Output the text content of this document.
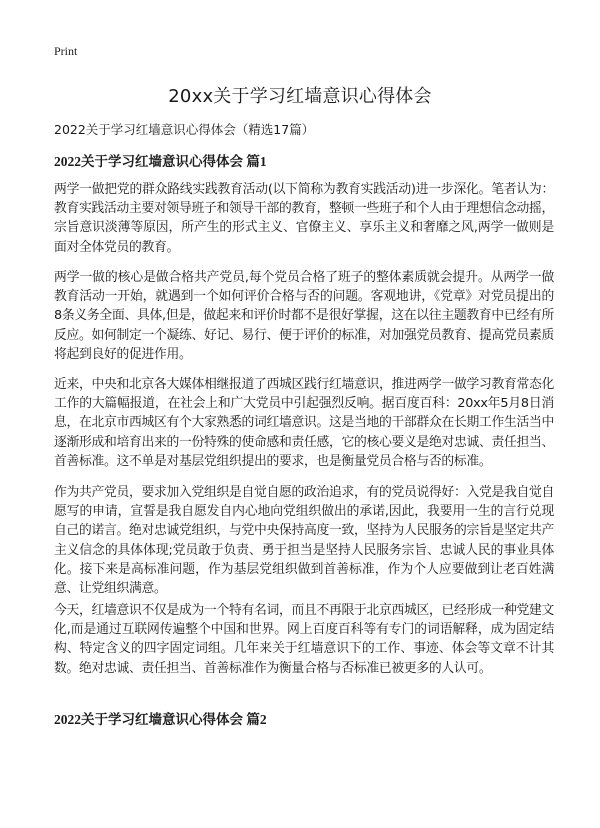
Print
20xx关于学习红墙意识心得体会

2022关于学习红墙意识心得体会（精选17篇）

2022关于学习红墙意识心得体会 篇1

两学一做把党的群众路线实践教育活动(以下简称为教育实践活动)进一步深化。笔者认为：教育实践活动主要对领导班子和领导干部的教育，整顿一些班子和个人由于理想信念动摇，宗旨意识淡薄等原因，所产生的形式主义、官僚主义、享乐主义和奢靡之风,两学一做则是面对全体党员的教育。

两学一做的核心是做合格共产党员,每个党员合格了班子的整体素质就会提升。从两学一做教育活动一开始，就遇到一个如何评价合格与否的问题。客观地讲，《党章》对党员提出的8条义务全面、具体,但是，做起来和评价时都不是很好掌握，这在以往主题教育中已经有所反应。如何制定一个凝练、好记、易行、便于评价的标准，对加强党员教育、提高党员素质将起到良好的促进作用。

近来，中央和北京各大媒体相继报道了西城区践行红墙意识，推进两学一做学习教育常态化工作的大篇幅报道，在社会上和广大党员中引起强烈反响。据百度百科：20xx年5月8日消息，在北京市西城区有个大家熟悉的词红墙意识。这是当地的干部群众在长期工作生活当中逐渐形成和培育出来的一份特殊的使命感和责任感，它的核心要义是绝对忠诚、责任担当、首善标准。这不单是对基层党组织提出的要求，也是衡量党员合格与否的标准。

作为共产党员，要求加入党组织是自觉自愿的政治追求，有的党员说得好：入党是我自觉自愿写的申请，宣誓是我自愿发自内心地向党组织做出的承诺,因此，我要用一生的言行兑现自己的诺言。绝对忠诚党组织，与党中央保持高度一致，坚持为人民服务的宗旨是坚定共产主义信念的具体体现;党员敢于负责、勇于担当是坚持人民服务宗旨、忠诚人民的事业具体化。接下来是高标准问题，作为基层党组织做到首善标准，作为个人应要做到让老百姓满意、让党组织满意。

今天，红墙意识不仅是成为一个特有名词，而且不再限于北京西城区，已经形成一种党建文化,而是通过互联网传遍整个中国和世界。网上百度百科等有专门的词语解释，成为固定结构、特定含义的四字固定词组。几年来关于红墙意识下的工作、事迹、体会等文章不计其数。绝对忠诚、责任担当、首善标准作为衡量合格与否标准已被更多的人认可。

2022关于学习红墙意识心得体会 篇2
